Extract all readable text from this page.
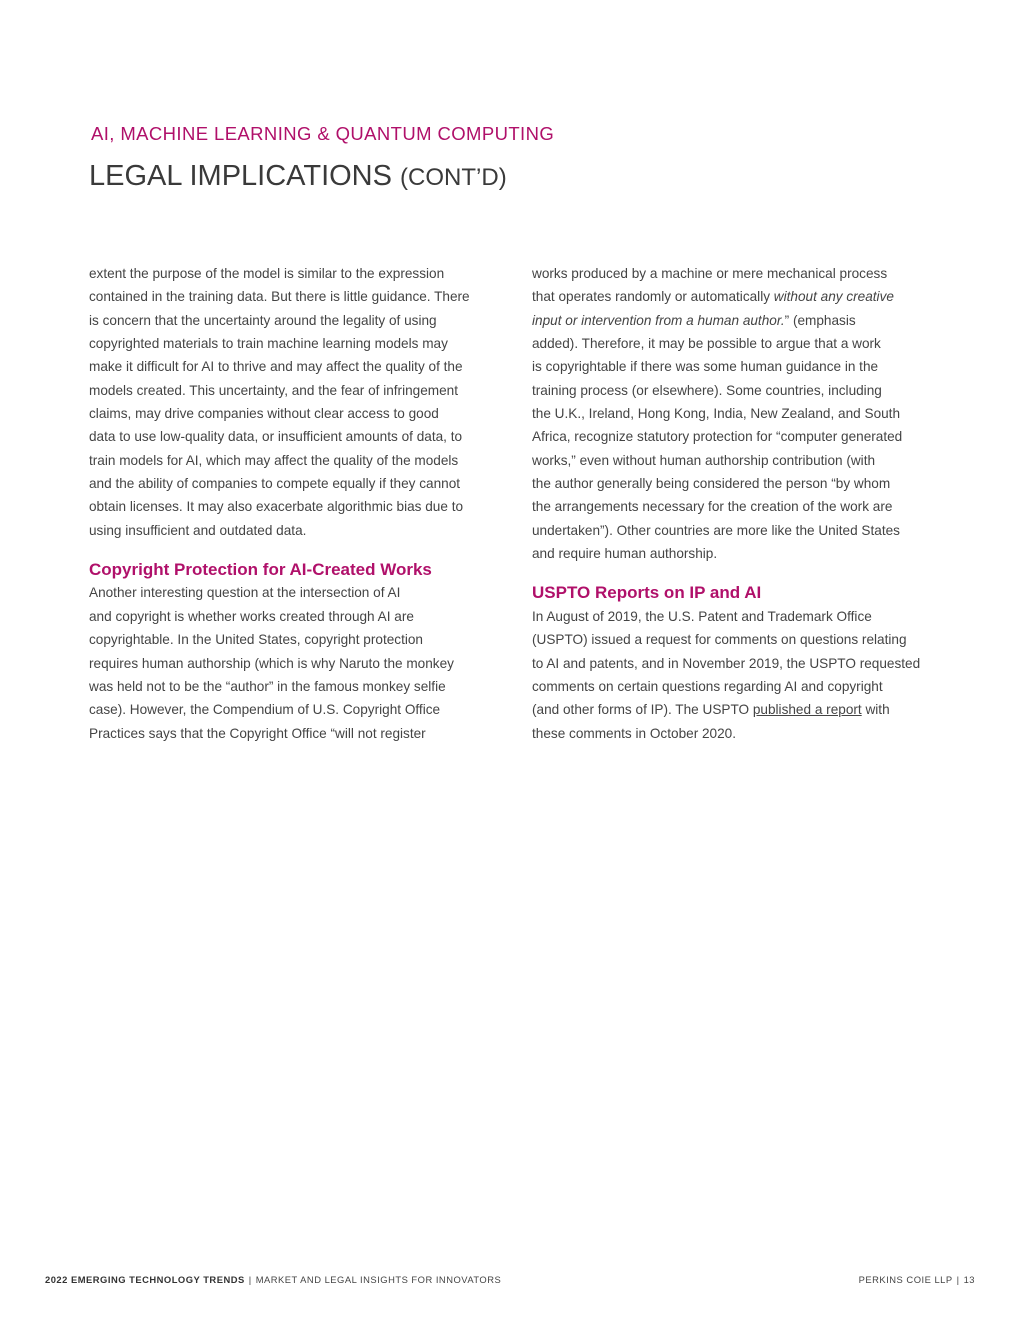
AI, MACHINE LEARNING & QUANTUM COMPUTING
LEGAL IMPLICATIONS (CONT’D)

extent the purpose of the model is similar to the expression
contained in the training data. But there is little guidance. There
is concern that the uncertainty around the legality of using
copyrighted materials to train machine learning models may
make it difficult for AI to thrive and may affect the quality of the
models created. This uncertainty, and the fear of infringement
claims, may drive companies without clear access to good
data to use low-quality data, or insufficient amounts of data, to
train models for AI, which may affect the quality of the models
and the ability of companies to compete equally if they cannot
obtain licenses. It may also exacerbate algorithmic bias due to
using insufficient and outdated data.

Copyright Protection for AI-Created Works

Another interesting question at the intersection of AI
and copyright is whether works created through AI are
copyrightable. In the United States, copyright protection
requires human authorship (which is why Naruto the monkey
was held not to be the “author” in the famous monkey selfie
case). However, the Compendium of U.S. Copyright Office
Practices says that the Copyright Office “will not register

works produced by a machine or mere mechanical process
that operates randomly or automatically without any creative
input or intervention from a human author.” (emphasis
added). Therefore, it may be possible to argue that a work
is copyrightable if there was some human guidance in the
training process (or elsewhere). Some countries, including
the U.K., Ireland, Hong Kong, India, New Zealand, and South
Africa, recognize statutory protection for “computer generated
works,” even without human authorship contribution (with
the author generally being considered the person “by whom
the arrangements necessary for the creation of the work are
undertaken”). Other countries are more like the United States
and require human authorship.

USPTO Reports on IP and AI

In August of 2019, the U.S. Patent and Trademark Office
(USPTO) issued a request for comments on questions relating
to AI and patents, and in November 2019, the USPTO requested
comments on certain questions regarding AI and copyright
(and other forms of IP). The USPTO published a report with
these comments in October 2020.

2022 EMERGING TECHNOLOGY TRENDS | MARKET AND LEGAL INSIGHTS FOR INNOVATORS	PERKINS COIE LLP | 13
